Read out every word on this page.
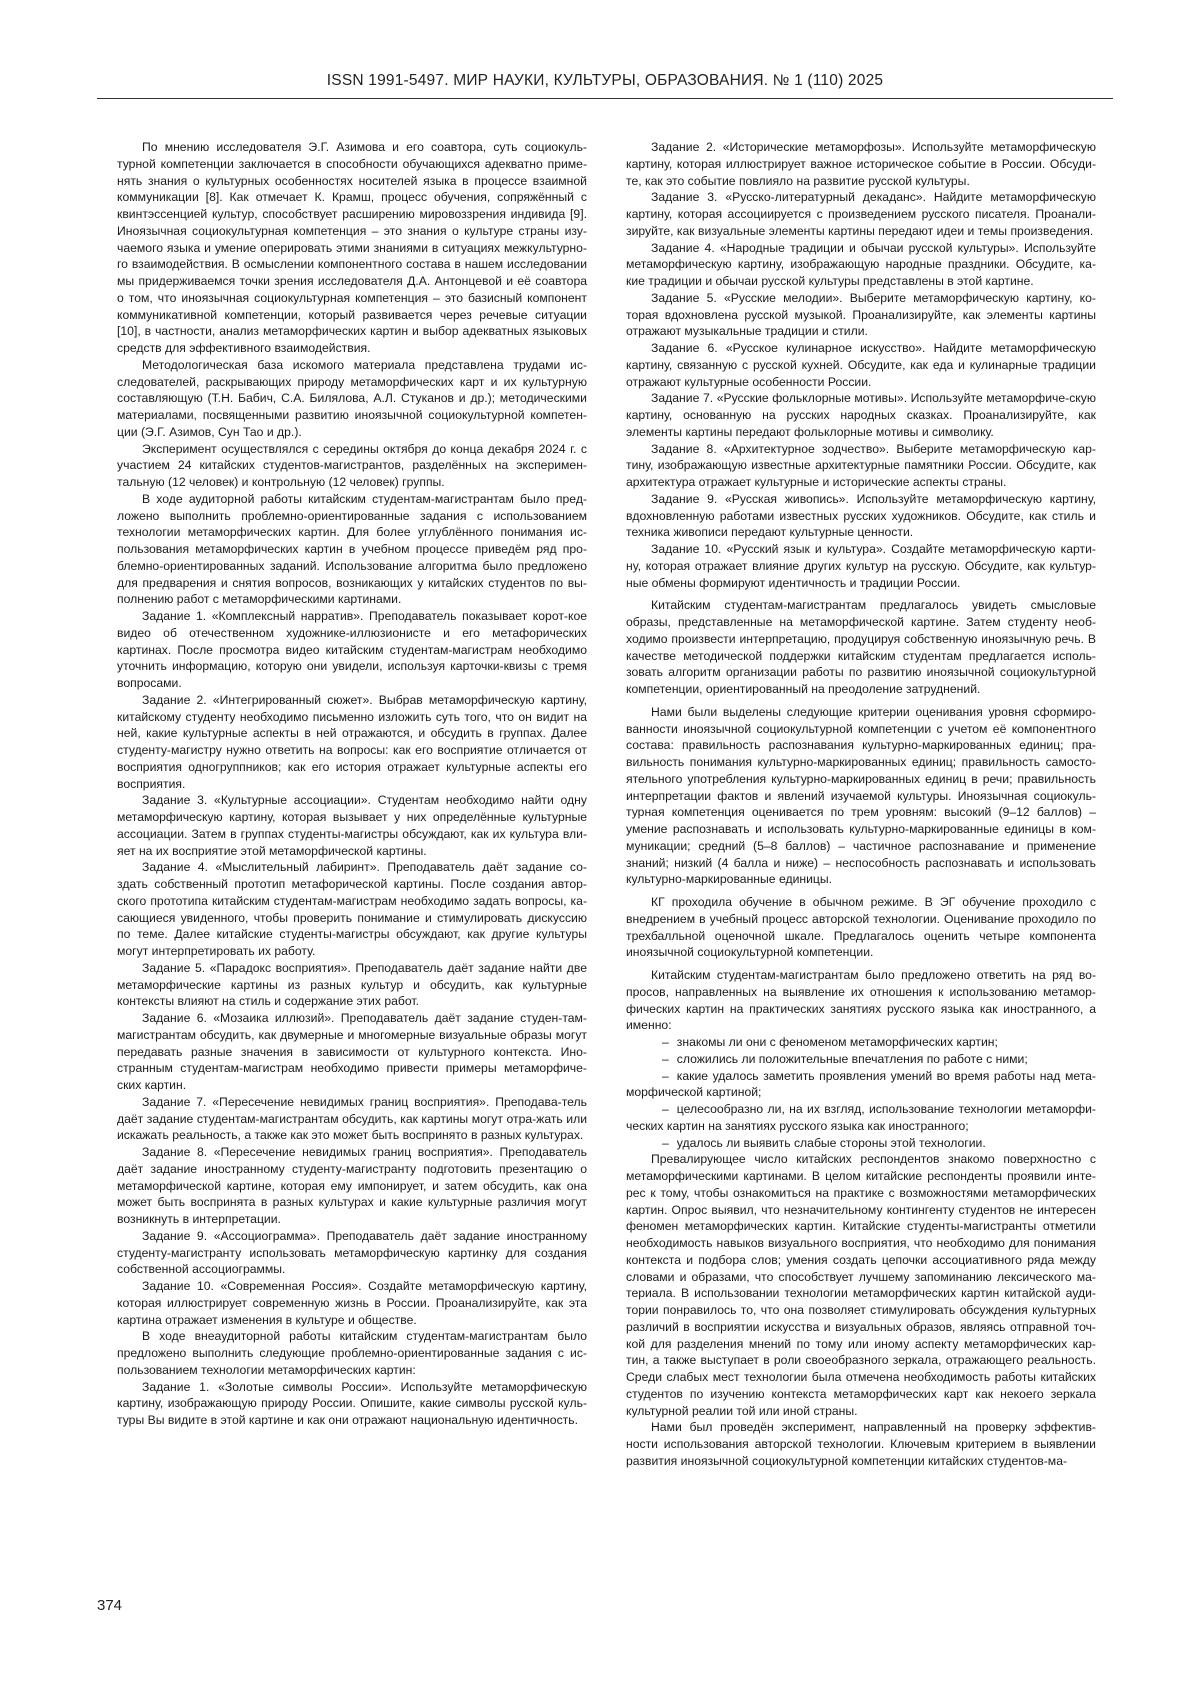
ISSN 1991-5497. МИР НАУКИ, КУЛЬТУРЫ, ОБРАЗОВАНИЯ. № 1 (110) 2025

По мнению исследователя Э.Г. Азимова и его соавтора, суть социокуль-турной компетенции заключается в способности обучающихся адекватно приме-нять знания о культурных особенностях носителей языка в процессе взаимной коммуникации [8]. Как отмечает К. Крамш, процесс обучения, сопряжённый с квинтэссенцией культур, способствует расширению мировоззрения индивида [9]. Иноязычная социокультурная компетенция – это знания о культуре страны изу-чаемого языка и умение оперировать этими знаниями в ситуациях межкультурно-го взаимодействия. В осмыслении компонентного состава в нашем исследовании мы придерживаемся точки зрения исследователя Д.А. Антонцевой и её соавтора о том, что иноязычная социокультурная компетенция – это базисный компонент коммуникативной компетенции, который развивается через речевые ситуации [10], в частности, анализ метаморфических картин и выбор адекватных языковых средств для эффективного взаимодействия.

Методологическая база искомого материала представлена трудами ис-следователей, раскрывающих природу метаморфических карт и их культурную составляющую (Т.Н. Бабич, С.А. Билялова, А.Л. Стуканов и др.); методическими материалами, посвященными развитию иноязычной социокультурной компетен-ции (Э.Г. Азимов, Сун Тао и др.).

Эксперимент осуществлялся с середины октября до конца декабря 2024 г. с участием 24 китайских студентов-магистрантов, разделённых на эксперимен-тальную (12 человек) и контрольную (12 человек) группы.

В ходе аудиторной работы китайским студентам-магистрантам было пред-ложено выполнить проблемно-ориентированные задания с использованием технологии метаморфических картин. Для более углублённого понимания ис-пользования метаморфических картин в учебном процессе приведём ряд про-блемно-ориентированных заданий. Использование алгоритма было предложено для предварения и снятия вопросов, возникающих у китайских студентов по вы-полнению работ с метаморфическими картинами.

Задание 1. «Комплексный нарратив». Преподаватель показывает корот-кое видео об отечественном художнике-иллюзионисте и его метафорических картинах. После просмотра видео китайским студентам-магистрам необходимо уточнить информацию, которую они увидели, используя карточки-квизы с тремя вопросами.

Задание 2. «Интегрированный сюжет». Выбрав метаморфическую картину, китайскому студенту необходимо письменно изложить суть того, что он видит на ней, какие культурные аспекты в ней отражаются, и обсудить в группах. Далее студенту-магистру нужно ответить на вопросы: как его восприятие отличается от восприятия одногруппников; как его история отражает культурные аспекты его восприятия.

Задание 3. «Культурные ассоциации». Студентам необходимо найти одну метаморфическую картину, которая вызывает у них определённые культурные ассоциации. Затем в группах студенты-магистры обсуждают, как их культура вли-яет на их восприятие этой метаморфической картины.

Задание 4. «Мыслительный лабиринт». Преподаватель даёт задание со-здать собственный прототип метафорической картины. После создания автор-ского прототипа китайским студентам-магистрам необходимо задать вопросы, ка-сающиеся увиденного, чтобы проверить понимание и стимулировать дискуссию по теме. Далее китайские студенты-магистры обсуждают, как другие культуры могут интерпретировать их работу.

Задание 5. «Парадокс восприятия». Преподаватель даёт задание найти две метаморфические картины из разных культур и обсудить, как культурные контексты влияют на стиль и содержание этих работ.

Задание 6. «Мозаика иллюзий». Преподаватель даёт задание студен-там-магистрантам обсудить, как двумерные и многомерные визуальные образы могут передавать разные значения в зависимости от культурного контекста. Ино-странным студентам-магистрам необходимо привести примеры метаморфиче-ских картин.

Задание 7. «Пересечение невидимых границ восприятия». Преподава-тель даёт задание студентам-магистрантам обсудить, как картины могут отра-жать или искажать реальность, а также как это может быть воспринято в разных культурах.

Задание 8. «Пересечение невидимых границ восприятия». Преподаватель даёт задание иностранному студенту-магистранту подготовить презентацию о метаморфической картине, которая ему импонирует, и затем обсудить, как она может быть воспринята в разных культурах и какие культурные различия могут возникнуть в интерпретации.

Задание 9. «Ассоциограмма». Преподаватель даёт задание иностранному студенту-магистранту использовать метаморфическую картинку для создания собственной ассоциограммы.

Задание 10. «Современная Россия». Создайте метаморфическую картину, которая иллюстрирует современную жизнь в России. Проанализируйте, как эта картина отражает изменения в культуре и обществе.

В ходе внеаудиторной работы китайским студентам-магистрантам было предложено выполнить следующие проблемно-ориентированные задания с ис-пользованием технологии метаморфических картин:

Задание 1. «Золотые символы России». Используйте метаморфическую картину, изображающую природу России. Опишите, какие символы русской куль-туры Вы видите в этой картине и как они отражают национальную идентичность.

Задание 2. «Исторические метаморфозы». Используйте метаморфическую картину, которая иллюстрирует важное историческое событие в России. Обсуди-те, как это событие повлияло на развитие русской культуры.

Задание 3. «Русско-литературный декаданс». Найдите метаморфическую картину, которая ассоциируется с произведением русского писателя. Проанали-зируйте, как визуальные элементы картины передают идеи и темы произведения.

Задание 4. «Народные традиции и обычаи русской культуры». Используйте метаморфическую картину, изображающую народные праздники. Обсудите, ка-кие традиции и обычаи русской культуры представлены в этой картине.

Задание 5. «Русские мелодии». Выберите метаморфическую картину, ко-торая вдохновлена русской музыкой. Проанализируйте, как элементы картины отражают музыкальные традиции и стили.

Задание 6. «Русское кулинарное искусство». Найдите метаморфическую картину, связанную с русской кухней. Обсудите, как еда и кулинарные традиции отражают культурные особенности России.

Задание 7. «Русские фольклорные мотивы». Используйте метаморфиче-скую картину, основанную на русских народных сказках. Проанализируйте, как элементы картины передают фольклорные мотивы и символику.

Задание 8. «Архитектурное зодчество». Выберите метаморфическую кар-тину, изображающую известные архитектурные памятники России. Обсудите, как архитектура отражает культурные и исторические аспекты страны.

Задание 9. «Русская живопись». Используйте метаморфическую картину, вдохновленную работами известных русских художников. Обсудите, как стиль и техника живописи передают культурные ценности.

Задание 10. «Русский язык и культура». Создайте метаморфическую карти-ну, которая отражает влияние других культур на русскую. Обсудите, как культур-ные обмены формируют идентичность и традиции России.

Китайским студентам-магистрантам предлагалось увидеть смысловые образы, представленные на метаморфической картине. Затем студенту необ-ходимо произвести интерпретацию, продуцируя собственную иноязычную речь. В качестве методической поддержки китайским студентам предлагается исполь-зовать алгоритм организации работы по развитию иноязычной социокультурной компетенции, ориентированный на преодоление затруднений.

Нами были выделены следующие критерии оценивания уровня сформиро-ванности иноязычной социокультурной компетенции с учетом её компонентного состава: правильность распознавания культурно-маркированных единиц; пра-вильность понимания культурно-маркированных единиц; правильность самосто-ятельного употребления культурно-маркированных единиц в речи; правильность интерпретации фактов и явлений изучаемой культуры. Иноязычная социокуль-турная компетенция оценивается по трем уровням: высокий (9–12 баллов) – умение распознавать и использовать культурно-маркированные единицы в ком-муникации; средний (5–8 баллов) – частичное распознавание и применение знаний; низкий (4 балла и ниже) – неспособность распознавать и использовать культурно-маркированные единицы.

КГ проходила обучение в обычном режиме. В ЭГ обучение проходило с внедрением в учебный процесс авторской технологии. Оценивание проходило по трехбалльной оценочной шкале. Предлагалось оценить четыре компонента иноязычной социокультурной компетенции.

Китайским студентам-магистрантам было предложено ответить на ряд во-просов, направленных на выявление их отношения к использованию метамор-фических картин на практических занятиях русского языка как иностранного, а именно:

– знакомы ли они с феноменом метаморфических картин;

– сложились ли положительные впечатления по работе с ними;

– какие удалось заметить проявления умений во время работы над мета-морфической картиной;

– целесообразно ли, на их взгляд, использование технологии метаморфи-ческих картин на занятиях русского языка как иностранного;

– удалось ли выявить слабые стороны этой технологии.

Превалирующее число китайских респондентов знакомо поверхностно с метаморфическими картинами. В целом китайские респонденты проявили инте-рес к тому, чтобы ознакомиться на практике с возможностями метаморфических картин. Опрос выявил, что незначительному контингенту студентов не интересен феномен метаморфических картин. Китайские студенты-магистранты отметили необходимость навыков визуального восприятия, что необходимо для понимания контекста и подбора слов; умения создать цепочки ассоциативного ряда между словами и образами, что способствует лучшему запоминанию лексического ма-териала. В использовании технологии метаморфических картин китайской ауди-тории понравилось то, что она позволяет стимулировать обсуждения культурных различий в восприятии искусства и визуальных образов, являясь отправной точ-кой для разделения мнений по тому или иному аспекту метаморфических кар-тин, а также выступает в роли своеобразного зеркала, отражающего реальность. Среди слабых мест технологии была отмечена необходимость работы китайских студентов по изучению контекста метаморфических карт как некоего зеркала культурной реалии той или иной страны.

Нами был проведён эксперимент, направленный на проверку эффектив-ности использования авторской технологии. Ключевым критерием в выявлении развития иноязычной социокультурной компетенции китайских студентов-ма-

374
